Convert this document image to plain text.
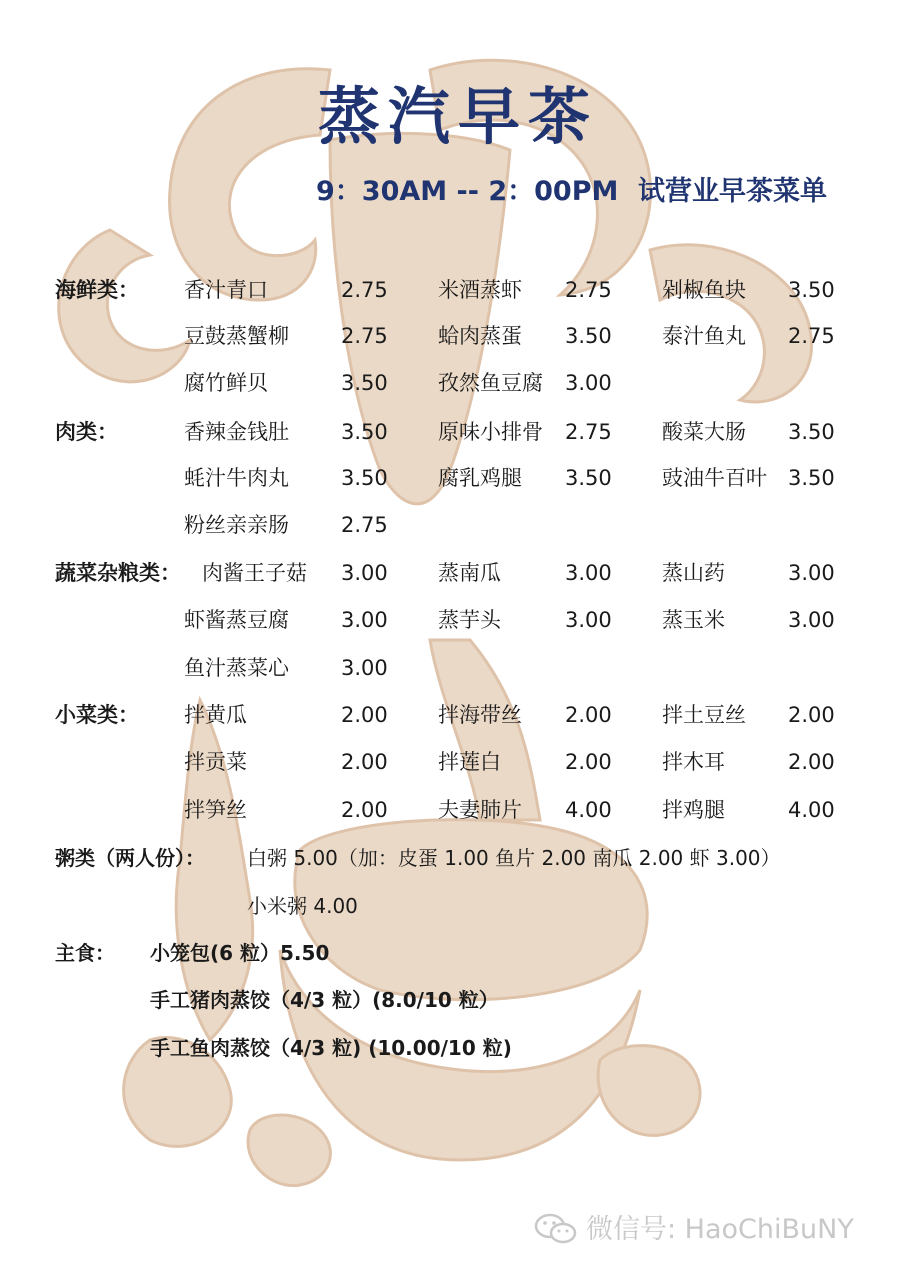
蒸汽早茶
9：30AM -- 2：00PM 试营业早茶菜单
海鲜类： 香汁青口	2.75 米酒蒸虾 2.75 剁椒鱼块 3.50
豆鼓蒸蟹柳 2.75 蛤肉蒸蛋 3.50 泰汁鱼丸 2.75
腐竹鲜贝	3.50 孜然鱼豆腐 3.00
肉类：	香辣金钱肚 3.50 原味小排骨 2.75 酸菜大肠 3.50
蚝汁牛肉丸 3.50 腐乳鸡腿 3.50 豉油牛百叶 3.50
粉丝亲亲肠 2.75
蔬菜杂粮类： 肉酱王子菇 3.00 蒸南瓜	3.00 蒸山药	3.00
虾酱蒸豆腐 3.00 蒸芋头	3.00 蒸玉米	3.00
鱼汁蒸菜心 3.00
小菜类： 拌黄瓜	2.00 拌海带丝 2.00 拌土豆丝 2.00
拌贡菜	2.00 拌莲白	2.00 拌木耳	2.00
拌笋丝	2.00 夫妻肺片 4.00 拌鸡腿	4.00
粥类（两人份）： 白粥 5.00（加：皮蛋 1.00 鱼片 2.00 南瓜 2.00 虾 3.00）
小米粥 4.00
主食： 小笼包(6 粒）5.50
手工猪肉蒸饺（4/3 粒）(8.0/10 粒）
手工鱼肉蒸饺（4/3 粒) (10.00/10 粒)
微信号: HaoChiBuNY
